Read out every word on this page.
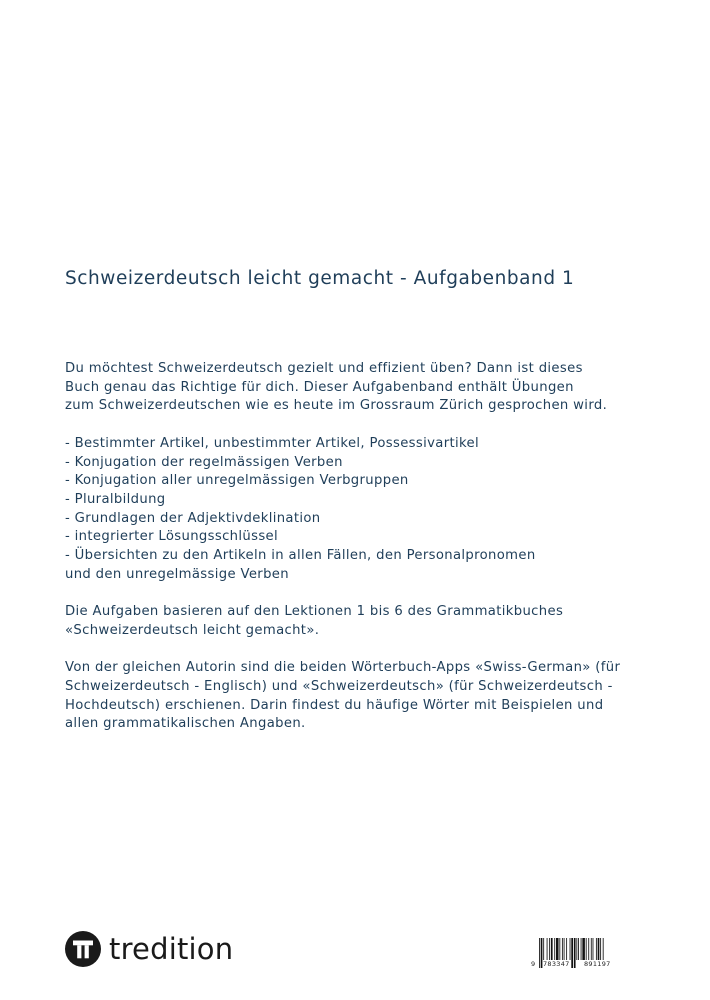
Schweizerdeutsch leicht gemacht - Aufgabenband 1
Du möchtest Schweizerdeutsch gezielt und effizient üben? Dann ist dieses
Buch genau das Richtige für dich. Dieser Aufgabenband enthält Übungen
zum Schweizerdeutschen wie es heute im Grossraum Zürich gesprochen wird.
- Bestimmter Artikel, unbestimmter Artikel, Possessivartikel
- Konjugation der regelmässigen Verben
- Konjugation aller unregelmässigen Verbgruppen
- Pluralbildung
- Grundlagen der Adjektivdeklination
- integrierter Lösungsschlüssel
- Übersichten zu den Artikeln in allen Fällen, den Personalpronomen
und den unregelmässige Verben
Die Aufgaben basieren auf den Lektionen 1 bis 6 des Grammatikbuches
«Schweizerdeutsch leicht gemacht».
Von der gleichen Autorin sind die beiden Wörterbuch-Apps «Swiss-German» (für
Schweizerdeutsch - Englisch) und «Schweizerdeutsch» (für Schweizerdeutsch -
Hochdeutsch) erschienen. Darin findest du häufige Wörter mit Beispielen und
allen grammatikalischen Angaben.
tredition	9 783347 891197
